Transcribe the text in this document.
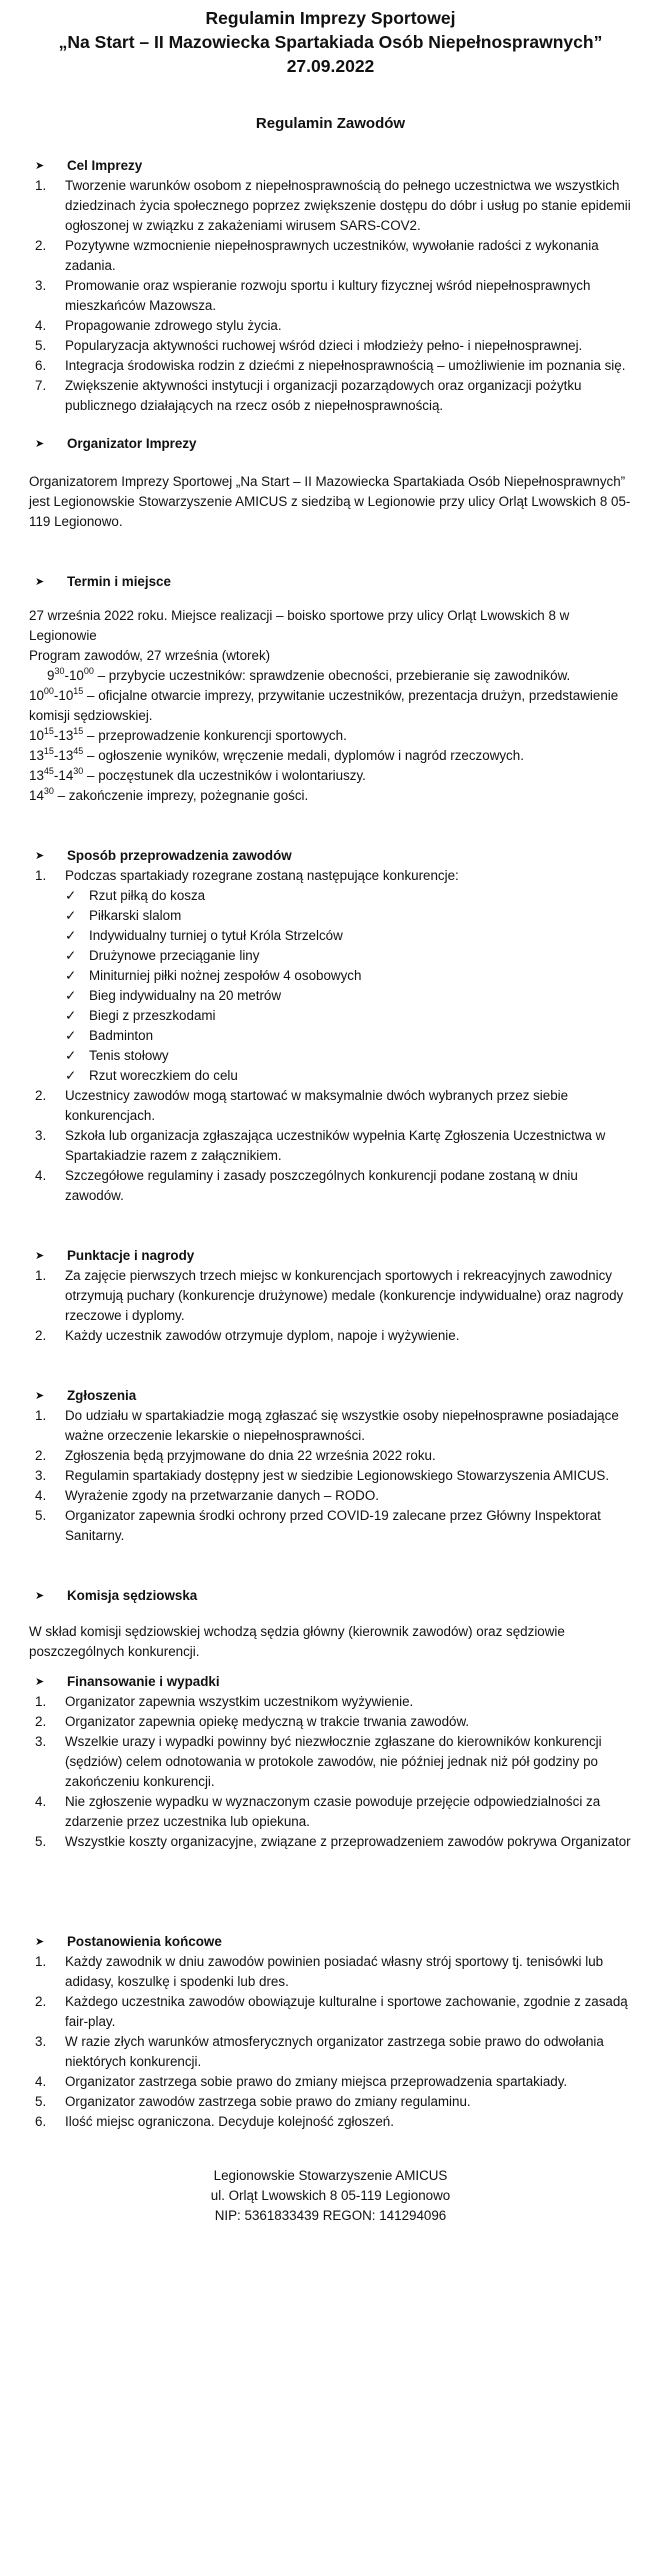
Regulamin Imprezy Sportowej
„Na Start – II Mazowiecka Spartakiada Osób Niepełnosprawnych”
27.09.2022
Regulamin Zawodów
➤	Cel Imprezy
1.	Tworzenie warunków osobom z niepełnosprawnością do pełnego uczestnictwa we wszystkich dziedzinach życia społecznego poprzez zwiększenie dostępu do dóbr i usług po stanie epidemii ogłoszonej w związku z zakażeniami wirusem SARS-COV2.
2.	Pozytywne wzmocnienie niepełnosprawnych uczestników, wywołanie radości z wykonania zadania.
3.	Promowanie oraz wspieranie rozwoju sportu i kultury fizycznej wśród niepełnosprawnych mieszkańców Mazowsza.
4.	Propagowanie zdrowego stylu życia.
5.	Popularyzacja aktywności ruchowej wśród dzieci i młodzieży pełno- i niepełnosprawnej.
6.	Integracja środowiska rodzin z dziećmi z niepełnosprawnością – umożliwienie im poznania się.
7.	Zwiększenie aktywności instytucji i organizacji pozarządowych oraz organizacji pożytku publicznego działających na rzecz osób z niepełnosprawnością.
➤	Organizator Imprezy

Organizatorem Imprezy Sportowej „Na Start – II Mazowiecka Spartakiada Osób Niepełnosprawnych” jest Legionowskie Stowarzyszenie AMICUS z siedzibą w Legionowie przy ulicy Orląt Lwowskich 8 05-119 Legionowo.

➤	Termin i miejsce

27 września 2022 roku. Miejsce realizacji – boisko sportowe przy ulicy Orląt Lwowskich 8 w Legionowie

Program zawodów, 27 września (wtorek)

$9^{30}-10^{00}$ – przybycie uczestników: sprawdzenie obecności, przebieranie się zawodników.
$10^{00}-10^{15}$ – oficjalne otwarcie imprezy, przywitanie uczestników, prezentacja drużyn, przedstawienie komisji sędziowskiej.
$10^{15}-13^{15}$ – przeprowadzenie konkurencji sportowych.
$13^{15}-13^{45}$ – ogłoszenie wyników, wręczenie medali, dyplomów i nagród rzeczowych.
$13^{45}-14^{30}$ – poczęstunek dla uczestników i wolontariuszy.
$14^{30}$ – zakończenie imprezy, pożegnanie gości.
➤	Sposób przeprowadzenia zawodów
1.	Podczas spartakiady rozegrane zostaną następujące konkurencje:
✓ Rzut piłką do kosza
✓ Piłkarski slalom
✓ Indywidualny turniej o tytuł Króla Strzelców
✓ Drużynowe przeciąganie liny
✓ Miniturniej piłki nożnej zespołów 4 osobowych
✓ Bieg indywidualny na 20 metrów
✓ Biegi z przeszkodami
✓ Badminton
✓ Tenis stołowy
✓ Rzut woreczkiem do celu
2.	Uczestnicy zawodów mogą startować w maksymalnie dwóch wybranych przez siebie konkurencjach.
3.	Szkoła lub organizacja zgłaszająca uczestników wypełnia Kartę Zgłoszenia Uczestnictwa w Spartakiadzie razem z załącznikiem.
4.	Szczegółowe regulaminy i zasady poszczególnych konkurencji podane zostaną w dniu zawodów.
➤	Punktacje i nagrody
1.	Za zajęcie pierwszych trzech miejsc w konkurencjach sportowych i rekreacyjnych zawodnicy otrzymują puchary (konkurencje drużynowe) medale (konkurencje indywidualne) oraz nagrody rzeczowe i dyplomy.
2.	Każdy uczestnik zawodów otrzymuje dyplom, napoje i wyżywienie.
➤	Zgłoszenia
1.	Do udziału w spartakiadzie mogą zgłaszać się wszystkie osoby niepełnosprawne posiadające ważne orzeczenie lekarskie o niepełnosprawności.
2.	Zgłoszenia będą przyjmowane do dnia 22 września 2022 roku.
3.	Regulamin spartakiady dostępny jest w siedzibie Legionowskiego Stowarzyszenia AMICUS.
4.	Wyrażenie zgody na przetwarzanie danych – RODO.
5.	Organizator zapewnia środki ochrony przed COVID-19 zalecane przez Główny Inspektorat Sanitarny.
➤	Komisja sędziowska

W skład komisji sędziowskiej wchodzą sędzia główny (kierownik zawodów) oraz sędziowie poszczególnych konkurencji.

➤	Finansowanie i wypadki
1.	Organizator zapewnia wszystkim uczestnikom wyżywienie.
2.	Organizator zapewnia opiekę medyczną w trakcie trwania zawodów.
3.	Wszelkie urazy i wypadki powinny być niezwłocznie zgłaszane do kierowników konkurencji (sędziów) celem odnotowania w protokole zawodów, nie później jednak niż pół godziny po zakończeniu konkurencji.
4.	Nie zgłoszenie wypadku w wyznaczonym czasie powoduje przejęcie odpowiedzialności za zdarzenie przez uczestnika lub opiekuna.
5.	Wszystkie koszty organizacyjne, związane z przeprowadzeniem zawodów pokrywa Organizator
➤	Postanowienia końcowe
1.	Każdy zawodnik w dniu zawodów powinien posiadać własny strój sportowy tj. tenisówki lub adidasy, koszulkę i spodenki lub dres.
2.	Każdego uczestnika zawodów obowiązuje kulturalne i sportowe zachowanie, zgodnie z zasadą fair-play.
3.	W razie złych warunków atmosferycznych organizator zastrzega sobie prawo do odwołania niektórych konkurencji.
4.	Organizator zastrzega sobie prawo do zmiany miejsca przeprowadzenia spartakiady.
5.	Organizator zawodów zastrzega sobie prawo do zmiany regulaminu.
6.	Ilość miejsc ograniczona. Decyduje kolejność zgłoszeń.
Legionowskie Stowarzyszenie AMICUS
ul. Orląt Lwowskich 8 05-119 Legionowo
NIP: 5361833439 REGON: 141294096
